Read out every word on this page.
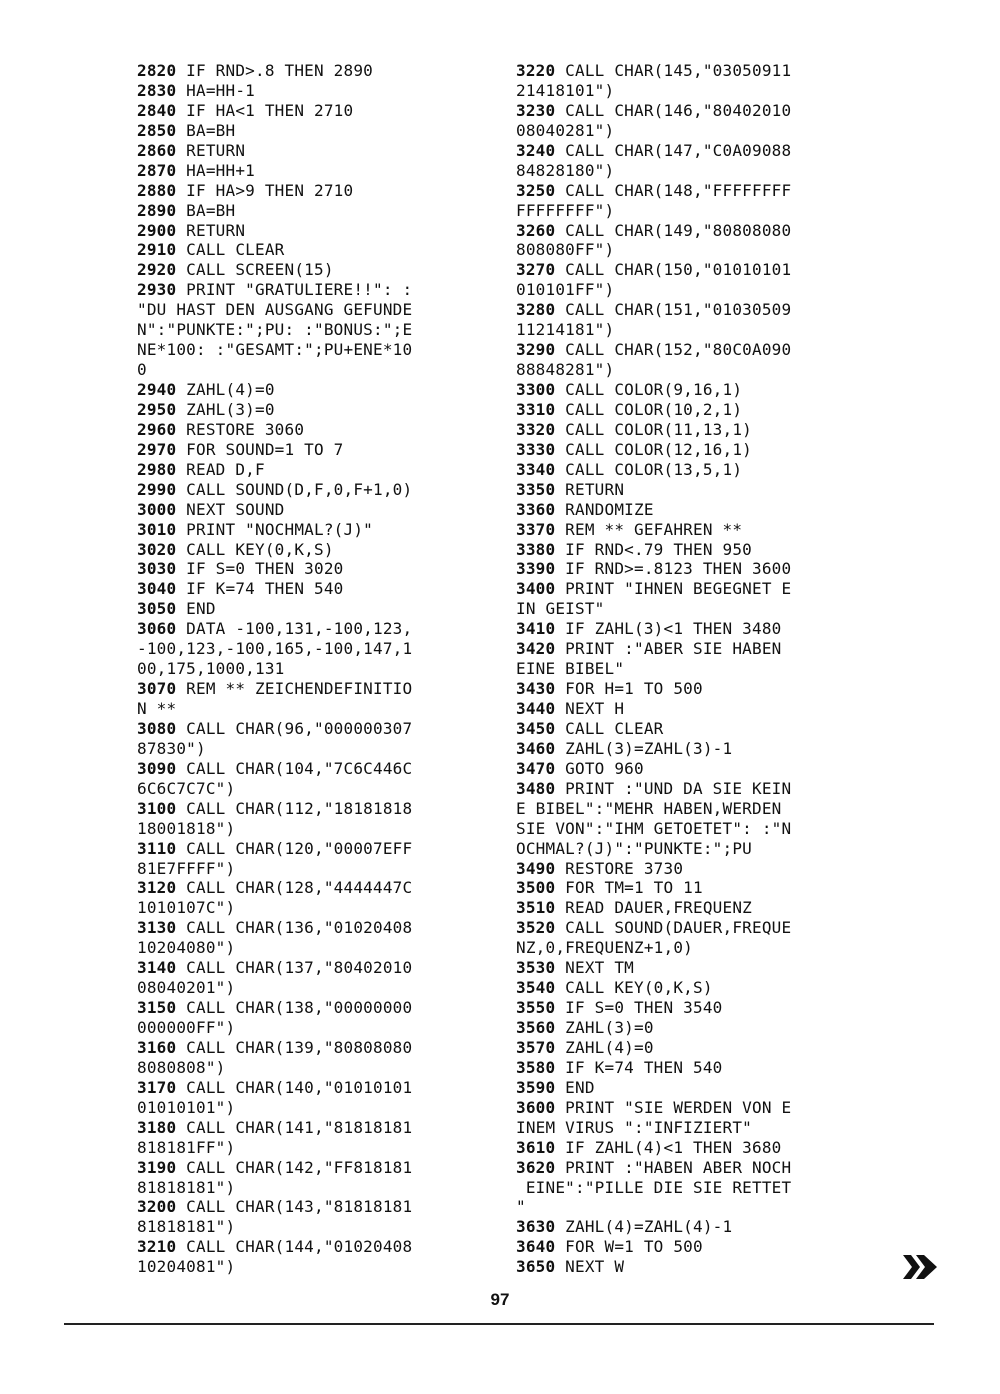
2820 IF RND>.8 THEN 2890
2830 HA=HH-1
2840 IF HA<1 THEN 2710
2850 BA=BH
2860 RETURN
2870 HA=HH+1
2880 IF HA>9 THEN 2710
2890 BA=BH
2900 RETURN
2910 CALL CLEAR
2920 CALL SCREEN(15)
2930 PRINT "GRATULIERE!!": :
"DU HAST DEN AUSGANG GEFUNDE
N":"PUNKTE:";PU: :"BONUS:";E
NE*100: :"GESAMT:";PU+ENE*10
0
2940 ZAHL(4)=0
2950 ZAHL(3)=0
2960 RESTORE 3060
2970 FOR SOUND=1 TO 7
2980 READ D,F
2990 CALL SOUND(D,F,0,F+1,0)
3000 NEXT SOUND
3010 PRINT "NOCHMAL?(J)"
3020 CALL KEY(0,K,S)
3030 IF S=0 THEN 3020
3040 IF K=74 THEN 540
3050 END
3060 DATA -100,131,-100,123,
-100,123,-100,165,-100,147,1
00,175,1000,131
3070 REM ** ZEICHENDEFINITIO
N **
3080 CALL CHAR(96,"000000307
87830")
3090 CALL CHAR(104,"7C6C446C
6C6C7C7C")
3100 CALL CHAR(112,"18181818
18001818")
3110 CALL CHAR(120,"00007EFF
81E7FFFF")
3120 CALL CHAR(128,"4444447C
1010107C")
3130 CALL CHAR(136,"01020408
10204080")
3140 CALL CHAR(137,"80402010
08040201")
3150 CALL CHAR(138,"00000000
000000FF")
3160 CALL CHAR(139,"80808080
8080808")
3170 CALL CHAR(140,"01010101
01010101")
3180 CALL CHAR(141,"81818181
818181FF")
3190 CALL CHAR(142,"FF818181
81818181")
3200 CALL CHAR(143,"81818181
81818181")
3210 CALL CHAR(144,"01020408
10204081")
3220 CALL CHAR(145,"03050911
21418101")
3230 CALL CHAR(146,"80402010
08040281")
3240 CALL CHAR(147,"C0A09088
84828180")
3250 CALL CHAR(148,"FFFFFFFF
FFFFFFFF")
3260 CALL CHAR(149,"80808080
808080FF")
3270 CALL CHAR(150,"01010101
010101FF")
3280 CALL CHAR(151,"01030509
11214181")
3290 CALL CHAR(152,"80C0A090
88848281")
3300 CALL COLOR(9,16,1)
3310 CALL COLOR(10,2,1)
3320 CALL COLOR(11,13,1)
3330 CALL COLOR(12,16,1)
3340 CALL COLOR(13,5,1)
3350 RETURN
3360 RANDOMIZE
3370 REM ** GEFAHREN **
3380 IF RND<.79 THEN 950
3390 IF RND>=.8123 THEN 3600
3400 PRINT "IHNEN BEGEGNET E
IN GEIST"
3410 IF ZAHL(3)<1 THEN 3480
3420 PRINT :"ABER SIE HABEN
EINE BIBEL"
3430 FOR H=1 TO 500
3440 NEXT H
3450 CALL CLEAR
3460 ZAHL(3)=ZAHL(3)-1
3470 GOTO 960
3480 PRINT :"UND DA SIE KEIN
E BIBEL":"MEHR HABEN,WERDEN
SIE VON":"IHM GETOETET": :"N
OCHMAL?(J)":"PUNKTE:";PU
3490 RESTORE 3730
3500 FOR TM=1 TO 11
3510 READ DAUER,FREQUENZ
3520 CALL SOUND(DAUER,FREQUE
NZ,0,FREQUENZ+1,0)
3530 NEXT TM
3540 CALL KEY(0,K,S)
3550 IF S=0 THEN 3540
3560 ZAHL(3)=0
3570 ZAHL(4)=0
3580 IF K=74 THEN 540
3590 END
3600 PRINT "SIE WERDEN VON E
INEM VIRUS ":"INFIZIERT"
3610 IF ZAHL(4)<1 THEN 3680
3620 PRINT :"HABEN ABER NOCH
EINE":"PILLE DIE SIE RETTET
"
3630 ZAHL(4)=ZAHL(4)-1
3640 FOR W=1 TO 500
3650 NEXT W
97
